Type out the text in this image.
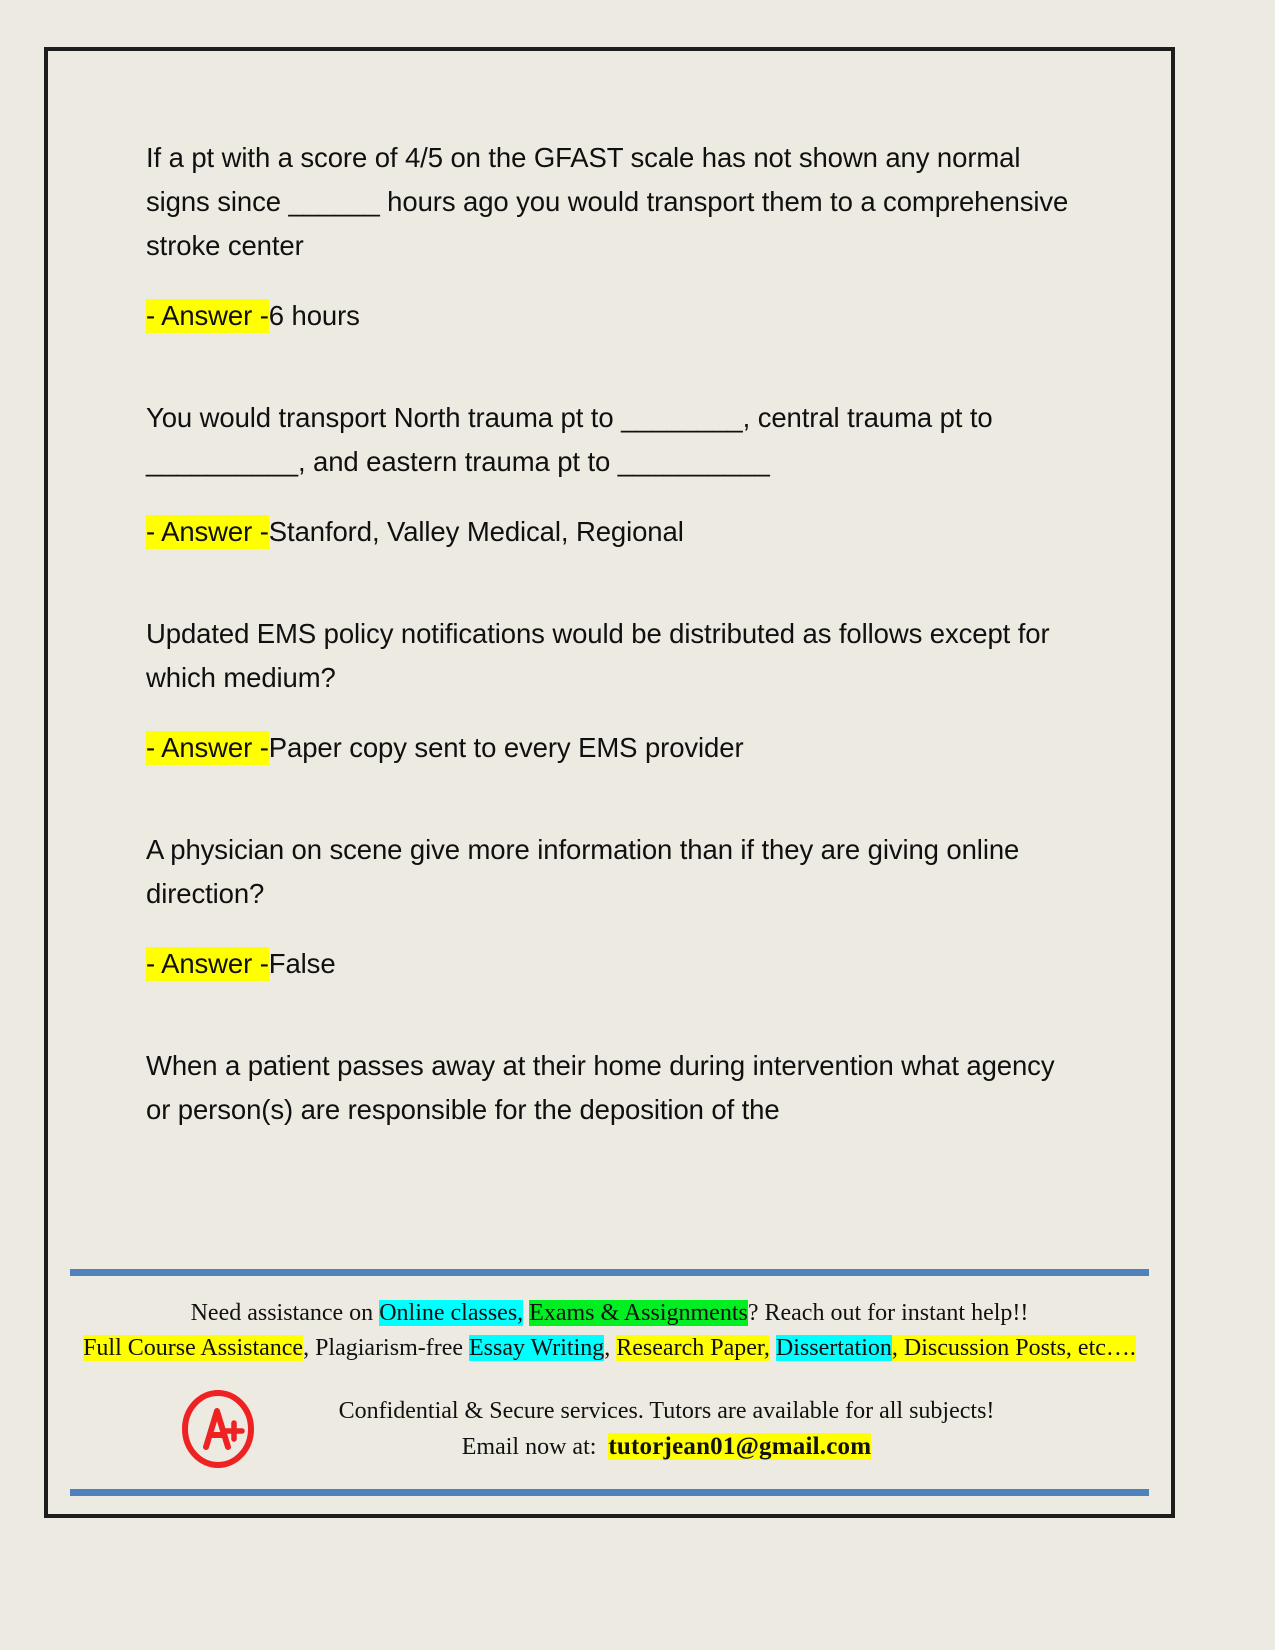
If a pt with a score of 4/5 on the GFAST scale has not shown any normal signs since ______ hours ago you would transport them to a comprehensive stroke center

- Answer -6 hours

You would transport North trauma pt to ________, central trauma pt to __________, and eastern trauma pt to __________

- Answer -Stanford, Valley Medical, Regional

Updated EMS policy notifications would be distributed as follows except for which medium?

- Answer -Paper copy sent to every EMS provider

A physician on scene give more information than if they are giving online direction?

- Answer -False

When a patient passes away at their home during intervention what agency or person(s) are responsible for the deposition of the

Need assistance on Online classes, Exams & Assignments? Reach out for instant help!!
Full Course Assistance, Plagiarism-free Essay Writing, Research Paper, Dissertation, Discussion Posts, etc….
Confidential & Secure services. Tutors are available for all subjects!
Email now at: tutorjean01@gmail.com
